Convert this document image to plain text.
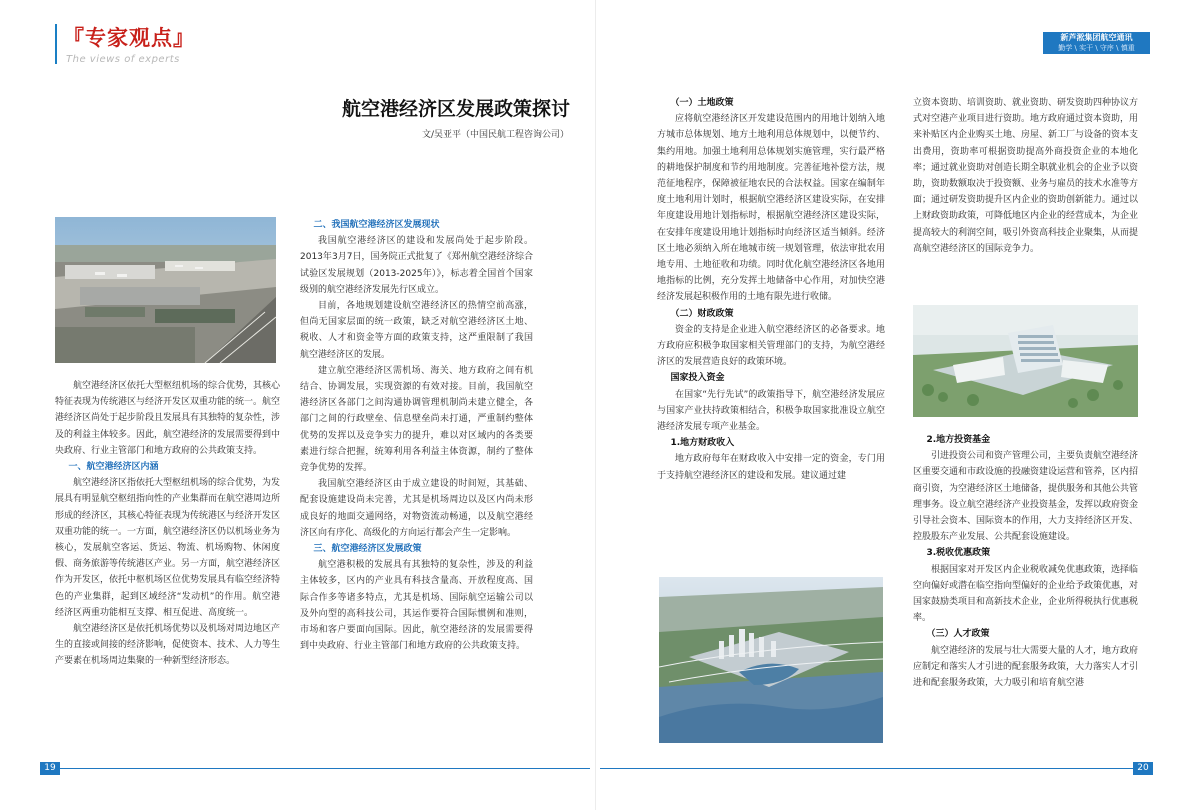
『专家观点』
The views of experts
新芦淞集团航空通讯
勤学 \ 实干 \ 守序 \ 慎重
航空港经济区发展政策探讨
文/吴亚平（中国民航工程咨询公司）

航空港经济区依托大型枢纽机场的综合优势，其核心特征表现为传统港区与经济开发区双重功能的统一。航空港经济区尚处于起步阶段且发展具有其独特的复杂性，涉及的利益主体较多。因此，航空港经济的发展需要得到中央政府、行业主管部门和地方政府的公共政策支持。

一、航空港经济区内涵

航空港经济区指依托大型枢纽机场的综合优势，为发展具有明显航空枢纽指向性的产业集群而在航空港周边所形成的经济区，其核心特征表现为传统港区与经济开发区双重功能的统一。一方面，航空港经济区仍以机场业务为核心，发展航空客运、货运、物流、机场购物、休闲度假、商务旅游等传统港区产业。另一方面，航空港经济区作为开发区，依托中枢机场区位优势发展具有临空经济特色的产业集群，起到区域经济“发动机”的作用。航空港经济区两重功能相互支撑、相互促进、高度统一。

航空港经济区是依托机场优势以及机场对周边地区产生的直接或间接的经济影响，促使资本、技术、人力等生产要素在机场周边集聚的一种新型经济形态。

二、我国航空港经济区发展现状

我国航空港经济区的建设和发展尚处于起步阶段。2013年3月7日，国务院正式批复了《郑州航空港经济综合试验区发展规划（2013-2025年）》，标志着全国首个国家级别的航空港经济发展先行区成立。

目前，各地规划建设航空港经济区的热情空前高涨，但尚无国家层面的统一政策，缺乏对航空港经济区土地、税收、人才和资金等方面的政策支持，这严重限制了我国航空港经济区的发展。

建立航空港经济区需机场、海关、地方政府之间有机结合、协调发展，实现资源的有效对接。目前，我国航空港经济区各部门之间沟通协调管理机制尚未建立健全，各部门之间的行政壁垒、信息壁垒尚未打通，严重制约整体优势的发挥以及竞争实力的提升，难以对区域内的各类要素进行综合把握，统筹利用各利益主体资源，制约了整体竞争优势的发挥。

我国航空港经济区由于成立建设的时间短，其基础、配套设施建设尚未完善，尤其是机场周边以及区内尚未形成良好的地面交通网络，对物资流动畅通，以及航空港经济区向有序化、高级化的方向运行都会产生一定影响。

三、航空港经济区发展政策

航空港积极的发展具有其独特的复杂性，涉及的利益主体较多，区内的产业具有科技含量高、开放程度高、国际合作多等诸多特点，尤其是机场、国际航空运输公司以及外向型的高科技公司，其运作要符合国际惯例和准则，市场和客户要面向国际。因此，航空港经济的发展需要得到中央政府、行业主管部门和地方政府的公共政策支持。

（一）土地政策

应将航空港经济区开发建设范围内的用地计划纳入地方城市总体规划、地方土地利用总体规划中，以便节约、集约用地。加强土地利用总体规划实施管理，实行最严格的耕地保护制度和节约用地制度。完善征地补偿方法，规范征地程序，保障被征地农民的合法权益。国家在编制年度土地利用计划时，根据航空港经济区建设实际，在安排年度建设用地计划指标时，根据航空港经济区建设实际，在安排年度建设用地计划指标时向经济区适当倾斜。经济区土地必须纳入所在地城市统一规划管理，依法审批农用地专用、土地征收和功绩。同时优化航空港经济区各地用地指标的比例，充分发挥土地储备中心作用，对加快空港经济发展起积极作用的土地有限先进行收储。

（二）财政政策

资金的支持是企业进入航空港经济区的必备要求。地方政府应积极争取国家相关管理部门的支持，为航空港经济区的发展营造良好的政策环境。

国家投入资金

在国家“先行先试”的政策指导下，航空港经济发展应与国家产业扶持政策相结合，积极争取国家批准设立航空港经济发展专项产业基金。

1.地方财政收入

地方政府每年在财政收入中安排一定的资金，专门用于支持航空港经济区的建设和发展。建议通过建

立资本资助、培训资助、就业资助、研发资助四种协议方式对空港产业项目进行资助。地方政府通过资本资助，用来补贴区内企业购买土地、房屋、新工厂与设备的资本支出费用，资助率可根据资助提高外商投资企业的本地化率；通过就业资助对创造长期全职就业机会的企业予以资助，资助数额取决于投资额、业务与雇员的技术水准等方面；通过研发资助提升区内企业的资助创新能力。通过以上财政资助政策，可降低地区内企业的经营成本，为企业提高较大的利润空间，吸引外资高科技企业聚集，从而提高航空港经济区的国际竞争力。

2.地方投资基金

引进投资公司和资产管理公司，主要负责航空港经济区重要交通和市政设施的投融资建设运营和管养，区内招商引资，为空港经济区土地储备，提供服务和其他公共管理事务。设立航空港经济产业投资基金，发挥以政府资金引导社会资本、国际资本的作用，大力支持经济区开发、控股股东产业发展、公共配套设施建设。

3.税收优惠政策

根据国家对开发区内企业税收减免优惠政策，选择临空向偏好或潜在临空指向型偏好的企业给予政策优惠，对国家鼓励类项目和高新技术企业，企业所得税执行优惠税率。

（三）人才政策

航空港经济的发展与壮大需要大量的人才，地方政府应制定和落实人才引进的配套服务政策，大力落实人才引进和配套服务政策，大力吸引和培育航空港

19	20
